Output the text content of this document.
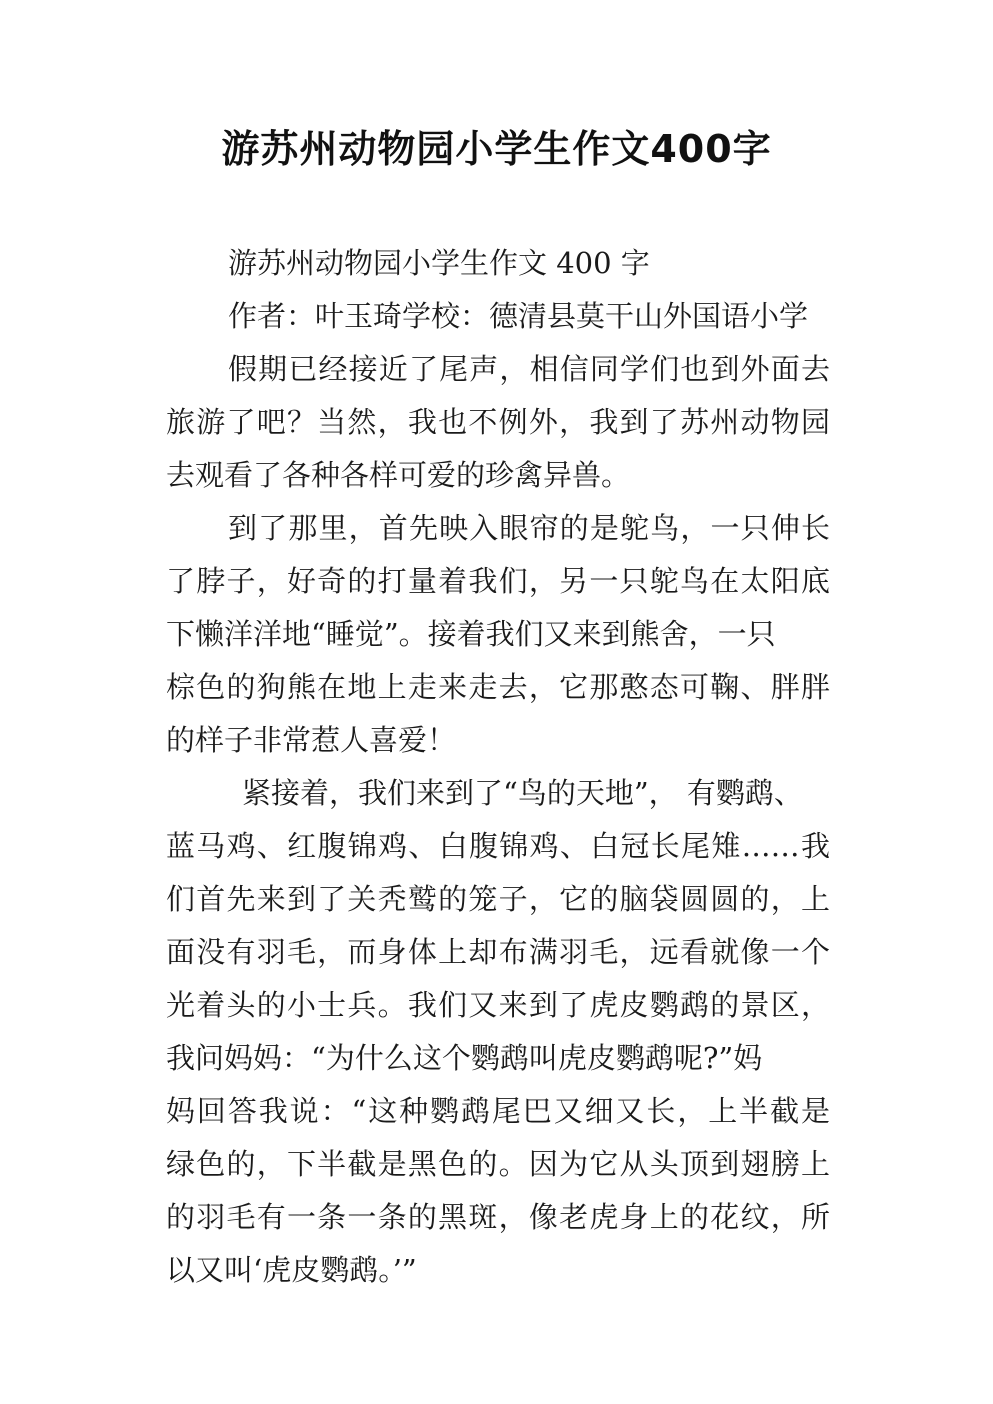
游苏州动物园小学生作文400字
游苏州动物园小学生作文 400 字
作者：叶玉琦学校：德清县莫干山外国语小学
假期已经接近了尾声，相信同学们也到外面去
旅游了吧？当然，我也不例外，我到了苏州动物园
去观看了各种各样可爱的珍禽异兽。
到了那里，首先映入眼帘的是鸵鸟，一只伸长
了脖子，好奇的打量着我们，另一只鸵鸟在太阳底
下懒洋洋地“睡觉”。接着我们又来到熊舍，一只
棕色的狗熊在地上走来走去，它那憨态可鞠、胖胖
的样子非常惹人喜爱！
紧接着，我们来到了“鸟的天地”， 有鹦鹉、
蓝马鸡、红腹锦鸡、白腹锦鸡、白冠长尾雉……我
们首先来到了关秃鹫的笼子，它的脑袋圆圆的，上
面没有羽毛，而身体上却布满羽毛，远看就像一个
光着头的小士兵。我们又来到了虎皮鹦鹉的景区，
我问妈妈：“为什么这个鹦鹉叫虎皮鹦鹉呢?”妈
妈回答我说：“这种鹦鹉尾巴又细又长，上半截是
绿色的，下半截是黑色的。因为它从头顶到翅膀上
的羽毛有一条一条的黑斑，像老虎身上的花纹，所
以又叫‘虎皮鹦鹉。’”
